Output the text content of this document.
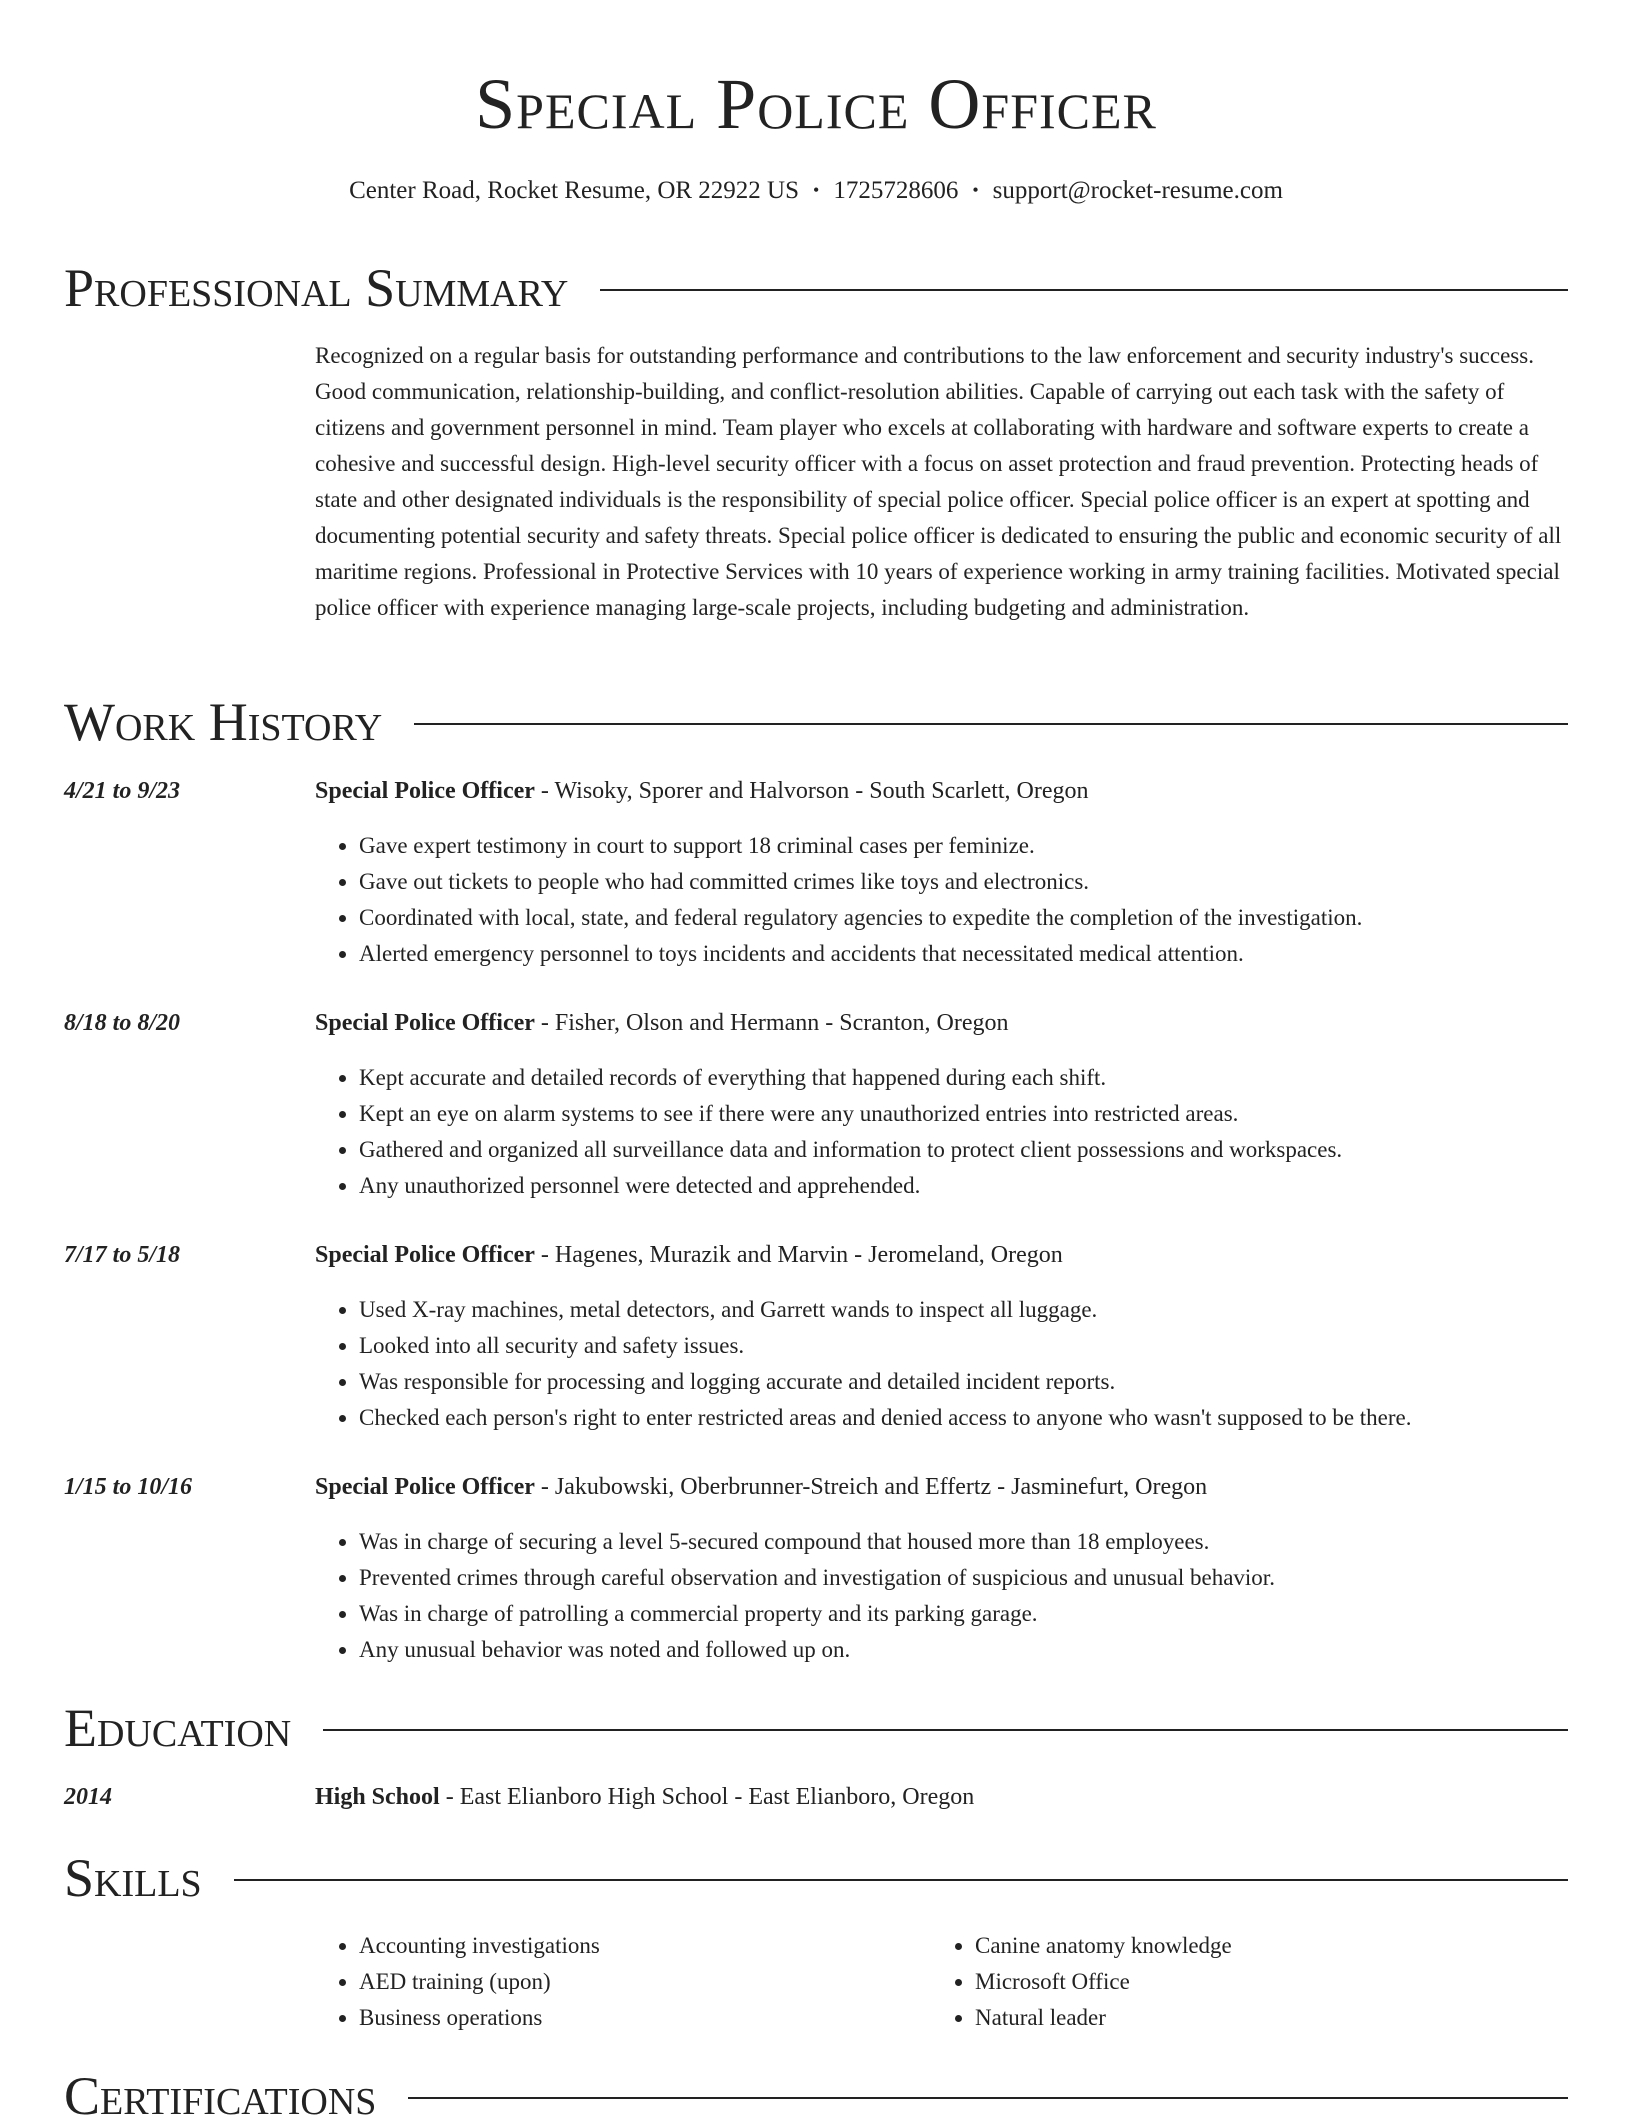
Special Police Officer
Center Road, Rocket Resume, OR 22922 US • 1725728606 • support@rocket-resume.com
Professional Summary

Recognized on a regular basis for outstanding performance and contributions to the law enforcement and security industry's success. Good communication, relationship-building, and conflict-resolution abilities. Capable of carrying out each task with the safety of citizens and government personnel in mind. Team player who excels at collaborating with hardware and software experts to create a cohesive and successful design. High-level security officer with a focus on asset protection and fraud prevention. Protecting heads of state and other designated individuals is the responsibility of special police officer. Special police officer is an expert at spotting and documenting potential security and safety threats. Special police officer is dedicated to ensuring the public and economic security of all maritime regions. Professional in Protective Services with 10 years of experience working in army training facilities. Motivated special police officer with experience managing large-scale projects, including budgeting and administration.

Work History
4/21 to 9/23	Special Police Officer - Wisoky, Sporer and Halvorson - South Scarlett, Oregon
• Gave expert testimony in court to support 18 criminal cases per feminize.
• Gave out tickets to people who had committed crimes like toys and electronics.
• Coordinated with local, state, and federal regulatory agencies to expedite the completion of the investigation.
• Alerted emergency personnel to toys incidents and accidents that necessitated medical attention.
8/18 to 8/20	Special Police Officer - Fisher, Olson and Hermann - Scranton, Oregon
• Kept accurate and detailed records of everything that happened during each shift.
• Kept an eye on alarm systems to see if there were any unauthorized entries into restricted areas.
• Gathered and organized all surveillance data and information to protect client possessions and workspaces.
• Any unauthorized personnel were detected and apprehended.
7/17 to 5/18	Special Police Officer - Hagenes, Murazik and Marvin - Jeromeland, Oregon
• Used X-ray machines, metal detectors, and Garrett wands to inspect all luggage.
• Looked into all security and safety issues.
• Was responsible for processing and logging accurate and detailed incident reports.
• Checked each person's right to enter restricted areas and denied access to anyone who wasn't supposed to be there.
1/15 to 10/16	Special Police Officer - Jakubowski, Oberbrunner-Streich and Effertz - Jasminefurt, Oregon
• Was in charge of securing a level 5-secured compound that housed more than 18 employees.
• Prevented crimes through careful observation and investigation of suspicious and unusual behavior.
• Was in charge of patrolling a commercial property and its parking garage.
• Any unusual behavior was noted and followed up on.
Education
2014	High School - East Elianboro High School - East Elianboro, Oregon
Skills
• Accounting investigations
• AED training (upon)
• Business operations
• Canine anatomy knowledge
• Microsoft Office
• Natural leader
Certifications
